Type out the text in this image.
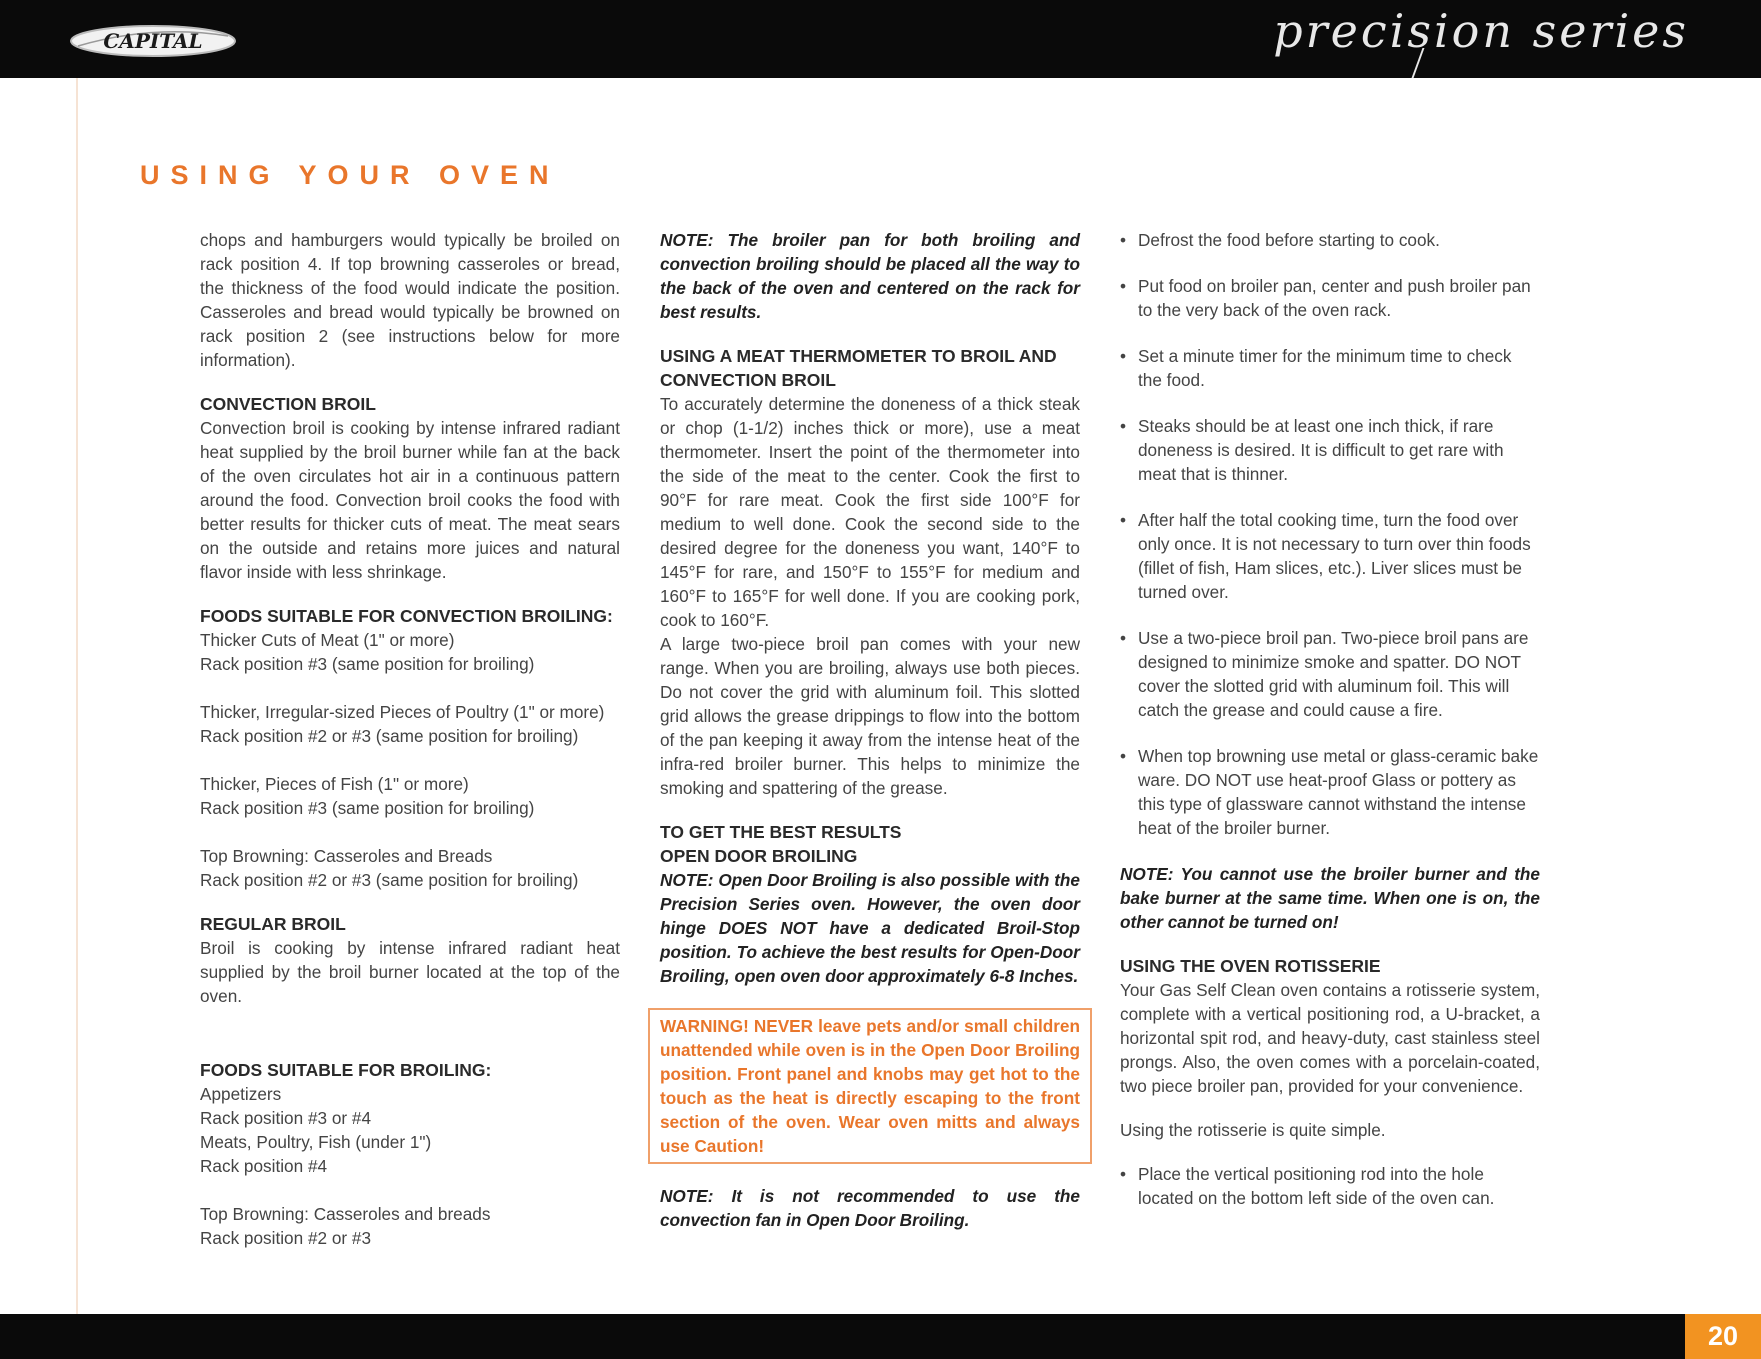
CAPITAL	precision series
USING YOUR OVEN

chops and hamburgers would typically be broiled on rack position 4. If top browning casseroles or bread, the thickness of the food would indicate the position. Casseroles and bread would typically be browned on rack position 2 (see instructions below for more information).

CONVECTION BROIL

Convection broil is cooking by intense infrared radiant heat supplied by the broil burner while fan at the back of the oven circulates hot air in a continuous pattern around the food. Convection broil cooks the food with better results for thicker cuts of meat. The meat sears on the outside and retains more juices and natural flavor inside with less shrinkage.

FOODS SUITABLE FOR CONVECTION BROILING:

Thicker Cuts of Meat (1" or more)

Rack position #3 (same position for broiling)

Thicker, Irregular-sized Pieces of Poultry (1" or more)

Rack position #2 or #3 (same position for broiling)

Thicker, Pieces of Fish (1" or more)

Rack position #3 (same position for broiling)

Top Browning: Casseroles and Breads

Rack position #2 or #3 (same position for broiling)

REGULAR BROIL

Broil is cooking by intense infrared radiant heat supplied by the broil burner located at the top of the oven.

FOODS SUITABLE FOR BROILING:

Appetizers

Rack position #3 or #4

Meats, Poultry, Fish (under 1")

Rack position #4

Top Browning: Casseroles and breads

Rack position #2 or #3

NOTE: The broiler pan for both broiling and convection broiling should be placed all the way to the back of the oven and centered on the rack for best results.

USING A MEAT THERMOMETER TO BROIL AND
CONVECTION BROIL

To accurately determine the doneness of a thick steak or chop (1-1/2) inches thick or more), use a meat thermometer. Insert the point of the thermometer into the side of the meat to the center. Cook the first to 90°F for rare meat. Cook the first side 100°F for medium to well done. Cook the second side to the desired degree for the doneness you want, 140°F to 145°F for rare, and 150°F to 155°F for medium and 160°F to 165°F for well done. If you are cooking pork, cook to 160°F.

A large two-piece broil pan comes with your new range. When you are broiling, always use both pieces. Do not cover the grid with aluminum foil. This slotted grid allows the grease drippings to flow into the bottom of the pan keeping it away from the intense heat of the infra-red broiler burner. This helps to minimize the smoking and spattering of the grease.

TO GET THE BEST RESULTS
OPEN DOOR BROILING

NOTE: Open Door Broiling is also possible with the Precision Series oven. However, the oven door hinge DOES NOT have a dedicated Broil-Stop position. To achieve the best results for Open-Door Broiling, open oven door approximately 6-8 Inches.

WARNING! NEVER leave pets and/or small children unattended while oven is in the Open Door Broiling position. Front panel and knobs may get hot to the touch as the heat is directly escaping to the front section of the oven. Wear oven mitts and always use Caution!

NOTE: It is not recommended to use the convection fan in Open Door Broiling.

• Defrost the food before starting to cook.
• Put food on broiler pan, center and push broiler pan to the very back of the oven rack.
• Set a minute timer for the minimum time to check the food.
• Steaks should be at least one inch thick, if rare doneness is desired. It is difficult to get rare with meat that is thinner.
• After half the total cooking time, turn the food over only once. It is not necessary to turn over thin foods (fillet of fish, Ham slices, etc.). Liver slices must be turned over.
• Use a two-piece broil pan. Two-piece broil pans are designed to minimize smoke and spatter. DO NOT cover the slotted grid with aluminum foil. This will catch the grease and could cause a fire.
• When top browning use metal or glass-ceramic bake ware. DO NOT use heat-proof Glass or pottery as this type of glassware cannot withstand the intense heat of the broiler burner.

NOTE: You cannot use the broiler burner and the bake burner at the same time. When one is on, the other cannot be turned on!

USING THE OVEN ROTISSERIE

Your Gas Self Clean oven contains a rotisserie system, complete with a vertical positioning rod, a U-bracket, a horizontal spit rod, and heavy-duty, cast stainless steel prongs. Also, the oven comes with a porcelain-coated, two piece broiler pan, provided for your convenience.

Using the rotisserie is quite simple.

• Place the vertical positioning rod into the hole located on the bottom left side of the oven can.
20
